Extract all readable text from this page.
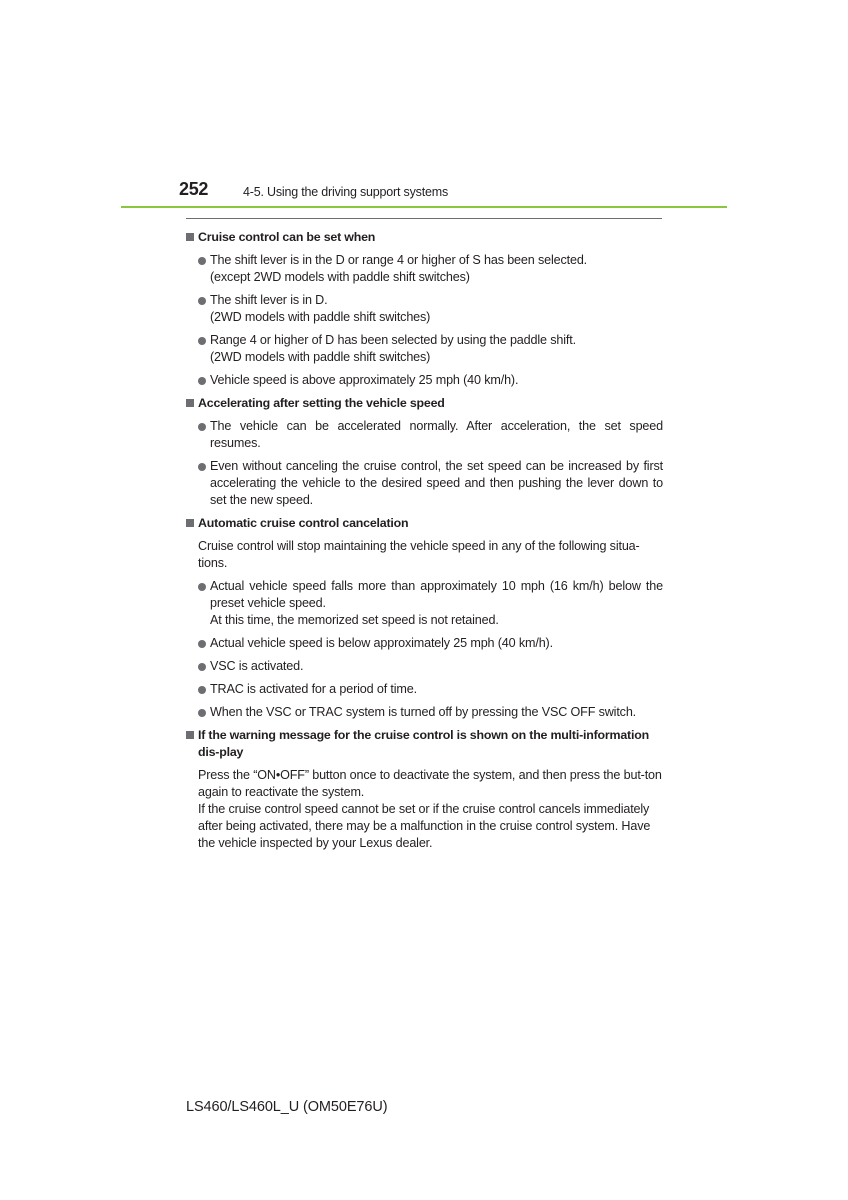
252	4-5. Using the driving support systems
Cruise control can be set when
The shift lever is in the D or range 4 or higher of S has been selected.
(except 2WD models with paddle shift switches)
The shift lever is in D.
(2WD models with paddle shift switches)
Range 4 or higher of D has been selected by using the paddle shift.
(2WD models with paddle shift switches)
Vehicle speed is above approximately 25 mph (40 km/h).
Accelerating after setting the vehicle speed
The vehicle can be accelerated normally. After acceleration, the set speed resumes.
Even without canceling the cruise control, the set speed can be increased by first accelerating the vehicle to the desired speed and then pushing the lever down to set the new speed.
Automatic cruise control cancelation
Cruise control will stop maintaining the vehicle speed in any of the following situa-tions.
Actual vehicle speed falls more than approximately 10 mph (16 km/h) below the preset vehicle speed.
At this time, the memorized set speed is not retained.
Actual vehicle speed is below approximately 25 mph (40 km/h).
VSC is activated.
TRAC is activated for a period of time.
When the VSC or TRAC system is turned off by pressing the VSC OFF switch.
If the warning message for the cruise control is shown on the multi-information dis-play
Press the “ON•OFF” button once to deactivate the system, and then press the but-ton again to reactivate the system.
If the cruise control speed cannot be set or if the cruise control cancels immediately after being activated, there may be a malfunction in the cruise control system. Have the vehicle inspected by your Lexus dealer.
LS460/LS460L_U (OM50E76U)
